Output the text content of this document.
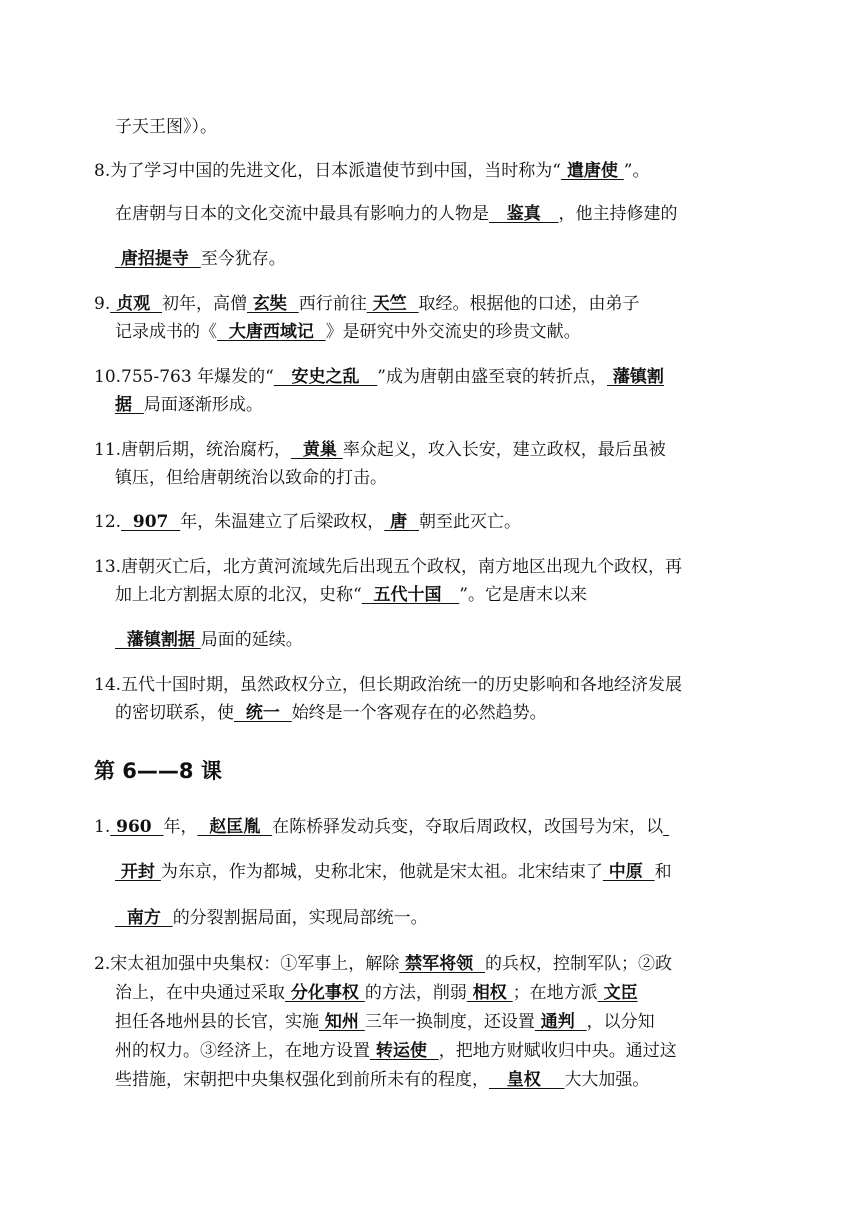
子天王图》）。
8.为了学习中国的先进文化，日本派遣使节到中国，当时称为“ 遣唐使 ”。
在唐朝与日本的文化交流中最具有影响力的人物是   鉴真   ，他主持修建的
唐招提寺  至今犹存。
9. 贞观  初年，高僧 玄奘  西行前往 天竺  取经。根据他的口述，由弟子
记录成书的《  大唐西域记  》是研究中外交流史的珍贵文献。
10.755-763 年爆发的“   安史之乱   ”成为唐朝由盛至衰的转折点， 藩镇割
据  局面逐渐形成。
11.唐朝后期，统治腐朽，  黄巢 率众起义，攻入长安，建立政权，最后虽被
镇压，但给唐朝统治以致命的打击。
12.  907  年，朱温建立了后梁政权， 唐  朝至此灭亡。
13.唐朝灭亡后，北方黄河流域先后出现五个政权，南方地区出现九个政权，再
加上北方割据太原的北汉，史称“  五代十国   ”。它是唐末以来
藩镇割据 局面的延续。
14.五代十国时期，虽然政权分立，但长期政治统一的历史影响和各地经济发展
的密切联系，使  统一  始终是一个客观存在的必然趋势。
1. 960  年，  赵匡胤  在陈桥驿发动兵变，夺取后周政权，改国号为宋，以
开封 为东京，作为都城，史称北宋，他就是宋太祖。北宋结束了 中原  和
南方  的分裂割据局面，实现局部统一。
2.宋太祖加强中央集权：①军事上，解除 禁军将领  的兵权，控制军队；②政
治上，在中央通过采取 分化事权 的方法，削弱 相权 ；在地方派 文臣
担任各地州县的长官，实施 知州 三年一换制度，还设置 通判  ，以分知
州的权力。③经济上，在地方设置 转运使  ，把地方财赋收归中央。通过这
些措施，宋朝把中央集权强化到前所未有的程度，   皇权    大大加强。
第 6——8 课
